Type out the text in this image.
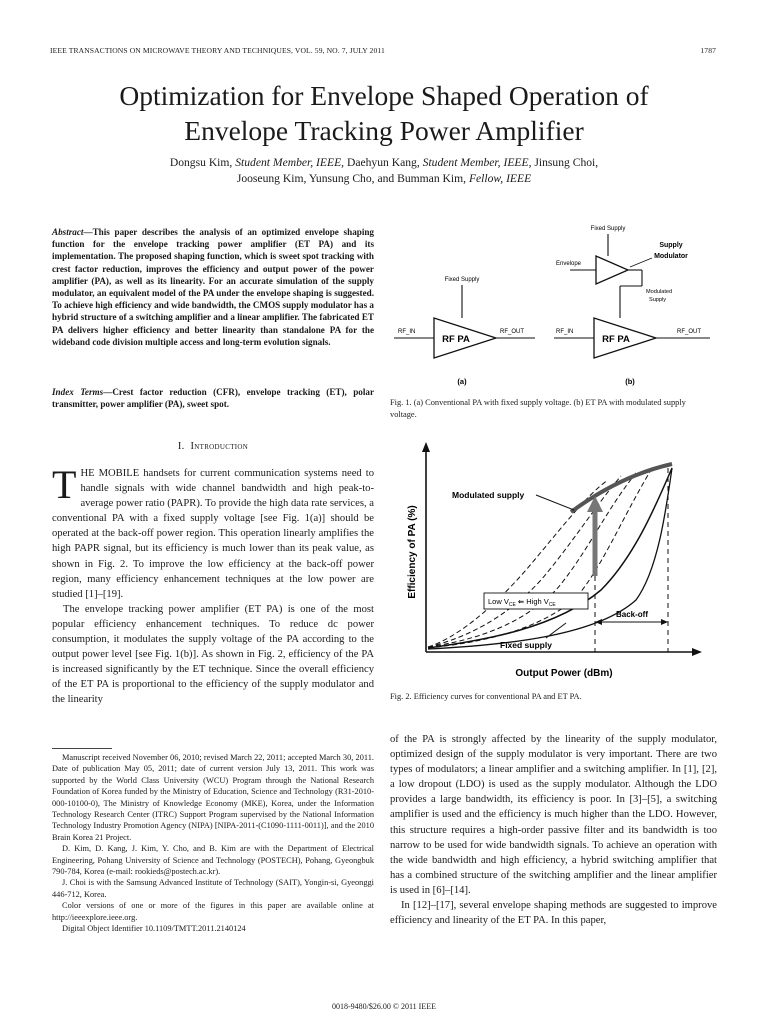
IEEE TRANSACTIONS ON MICROWAVE THEORY AND TECHNIQUES, VOL. 59, NO. 7, JULY 2011	1787
Optimization for Envelope Shaped Operation of
Envelope Tracking Power Amplifier
Dongsu Kim, Student Member, IEEE, Daehyun Kang, Student Member, IEEE, Jinsung Choi,
Jooseung Kim, Yunsung Cho, and Bumman Kim, Fellow, IEEE
Abstract—This paper describes the analysis of an optimized envelope shaping function for the envelope tracking power amplifier (ET PA) and its implementation. The proposed shaping function, which is sweet spot tracking with crest factor reduction, improves the efficiency and output power of the power amplifier (PA), as well as its linearity. For an accurate simulation of the supply modulator, an equivalent model of the PA under the envelope shaping is suggested. To achieve high efficiency and wide bandwidth, the CMOS supply modulator has a hybrid structure of a switching amplifier and a linear amplifier. The fabricated ET PA delivers higher efficiency and better linearity than standalone PA for the wideband code division multiple access and long-term evolution signals.
Index Terms—Crest factor reduction (CFR), envelope tracking (ET), polar transmitter, power amplifier (PA), sweet spot.
I. Introduction

THE MOBILE handsets for current communication systems need to handle signals with wide channel bandwidth and high peak-to-average power ratio (PAPR). To provide the high data rate services, a conventional PA with a fixed supply voltage [see Fig. 1(a)] should be operated at the back-off power region. This operation linearly amplifies the high PAPR signal, but its efficiency is much lower than its peak value, as shown in Fig. 2. To improve the low efficiency at the back-off power region, many efficiency enhancement techniques at the low power are studied [1]–[19].

The envelope tracking power amplifier (ET PA) is one of the most popular efficiency enhancement techniques. To reduce dc power consumption, it modulates the supply voltage of the PA according to the output power level [see Fig. 1(b)]. As shown in Fig. 2, efficiency of the PA is increased significantly by the ET technique. Since the overall efficiency of the ET PA is proportional to the efficiency of the supply modulator and the linearity

Manuscript received November 06, 2010; revised March 22, 2011; accepted March 30, 2011. Date of publication May 05, 2011; date of current version July 13, 2011. This work was supported by the World Class University (WCU) Program through the National Research Foundation of Korea funded by the Ministry of Education, Science and Technology (R31-2010-000-10100-0), The Ministry of Knowledge Economy (MKE), Korea, under the Information Technology Research Center (ITRC) Support Program supervised by the National Information Technology Industry Promotion Agency (NIPA) [NIPA-2011-(C1090-1111-0011)], and the 2010 Brain Korea 21 Project.

D. Kim, D. Kang, J. Kim, Y. Cho, and B. Kim are with the Department of Electrical Engineering, Pohang University of Science and Technology (POSTECH), Pohang, Gyeongbuk 790-784, Korea (e-mail: rookieds@postech.ac.kr).

J. Choi is with the Samsung Advanced Institute of Technology (SAIT), Yongin-si, Gyeonggi 446-712, Korea.

Color versions of one or more of the figures in this paper are available online at http://ieeexplore.ieee.org.

Digital Object Identifier 10.1109/TMTT.2011.2140124

Fixed Supply
RF_IN	RF_OUT
RF PA
(a)
Fixed Supply
Envelope
Supply
Modulator
Modulated
Supply
RF_IN	RF_OUT
RF PA
(b)
Fig. 1. (a) Conventional PA with fixed supply voltage. (b) ET PA with modulated supply voltage.
Efficiency of PA (%)
Output Power (dBm)
Back-off
Modulated supply
Fixed supply
Low $V_{CE}$ ⇐ High $V_{CE}$
Fig. 2. Efficiency curves for conventional PA and ET PA.

of the PA is strongly affected by the linearity of the supply modulator, optimized design of the supply modulator is very important. There are two types of modulators; a linear amplifier and a switching amplifier. In [1], [2], a low dropout (LDO) is used as the supply modulator. Although the LDO provides a large bandwidth, its efficiency is poor. In [3]–[5], a switching amplifier is used and the efficiency is much higher than the LDO. However, this structure requires a high-order passive filter and its bandwidth is too narrow to be used for wide bandwidth signals. To achieve an operation with the wide bandwidth and high efficiency, a hybrid switching amplifier that has a combined structure of the switching amplifier and the linear amplifier is used in [6]–[14].

In [12]–[17], several envelope shaping methods are suggested to improve efficiency and linearity of the ET PA. In this paper,

0018-9480/$26.00 © 2011 IEEE
